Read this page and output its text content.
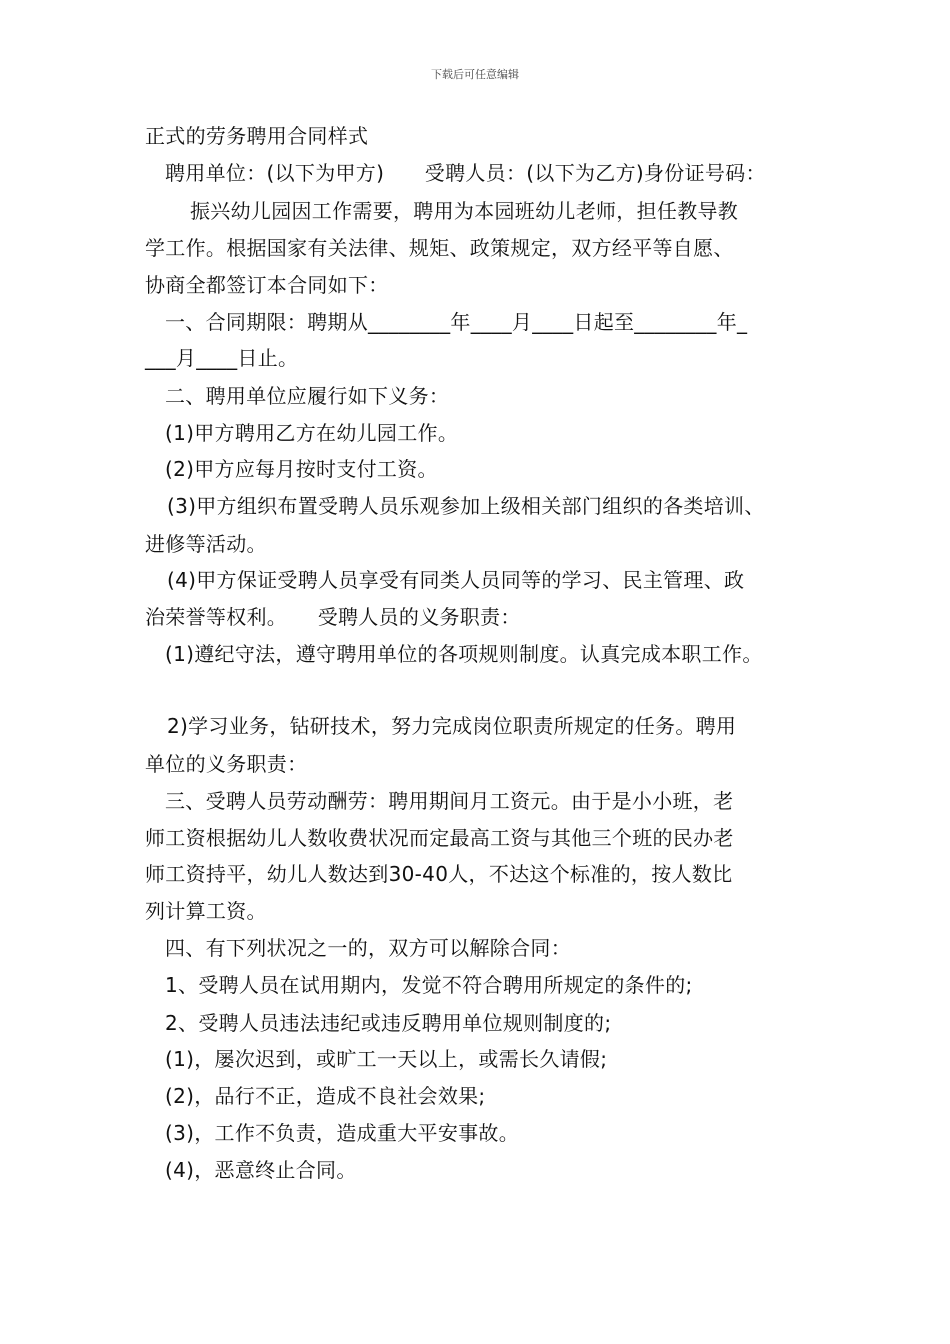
下载后可任意编辑
正式的劳务聘用合同样式
聘用单位：(以下为甲方)　　受聘人员：(以下为乙方)身份证号码：
振兴幼儿园因工作需要，聘用为本园班幼儿老师，担任教导教
学工作。根据国家有关法律、规矩、政策规定，双方经平等自愿、
协商全都签订本合同如下：
一、合同期限：聘期从________年____月____日起至________年_
___月____日止。
二、聘用单位应履行如下义务：
(1)甲方聘用乙方在幼儿园工作。
(2)甲方应每月按时支付工资。
(3)甲方组织布置受聘人员乐观参加上级相关部门组织的各类培训、
进修等活动。
(4)甲方保证受聘人员享受有同类人员同等的学习、民主管理、政
治荣誉等权利。　　受聘人员的义务职责：
(1)遵纪守法，遵守聘用单位的各项规则制度。认真完成本职工作。
2)学习业务，钻研技术，努力完成岗位职责所规定的任务。聘用
单位的义务职责：
三、受聘人员劳动酬劳：聘用期间月工资元。由于是小小班，老
师工资根据幼儿人数收费状况而定最高工资与其他三个班的民办老
师工资持平，幼儿人数达到30-40人，不达这个标准的，按人数比
列计算工资。
四、有下列状况之一的，双方可以解除合同：
1、受聘人员在试用期内，发觉不符合聘用所规定的条件的;
2、受聘人员违法违纪或违反聘用单位规则制度的;
(1)，屡次迟到，或旷工一天以上，或需长久请假;
(2)，品行不正，造成不良社会效果;
(3)，工作不负责，造成重大平安事故。
(4)，恶意终止合同。
